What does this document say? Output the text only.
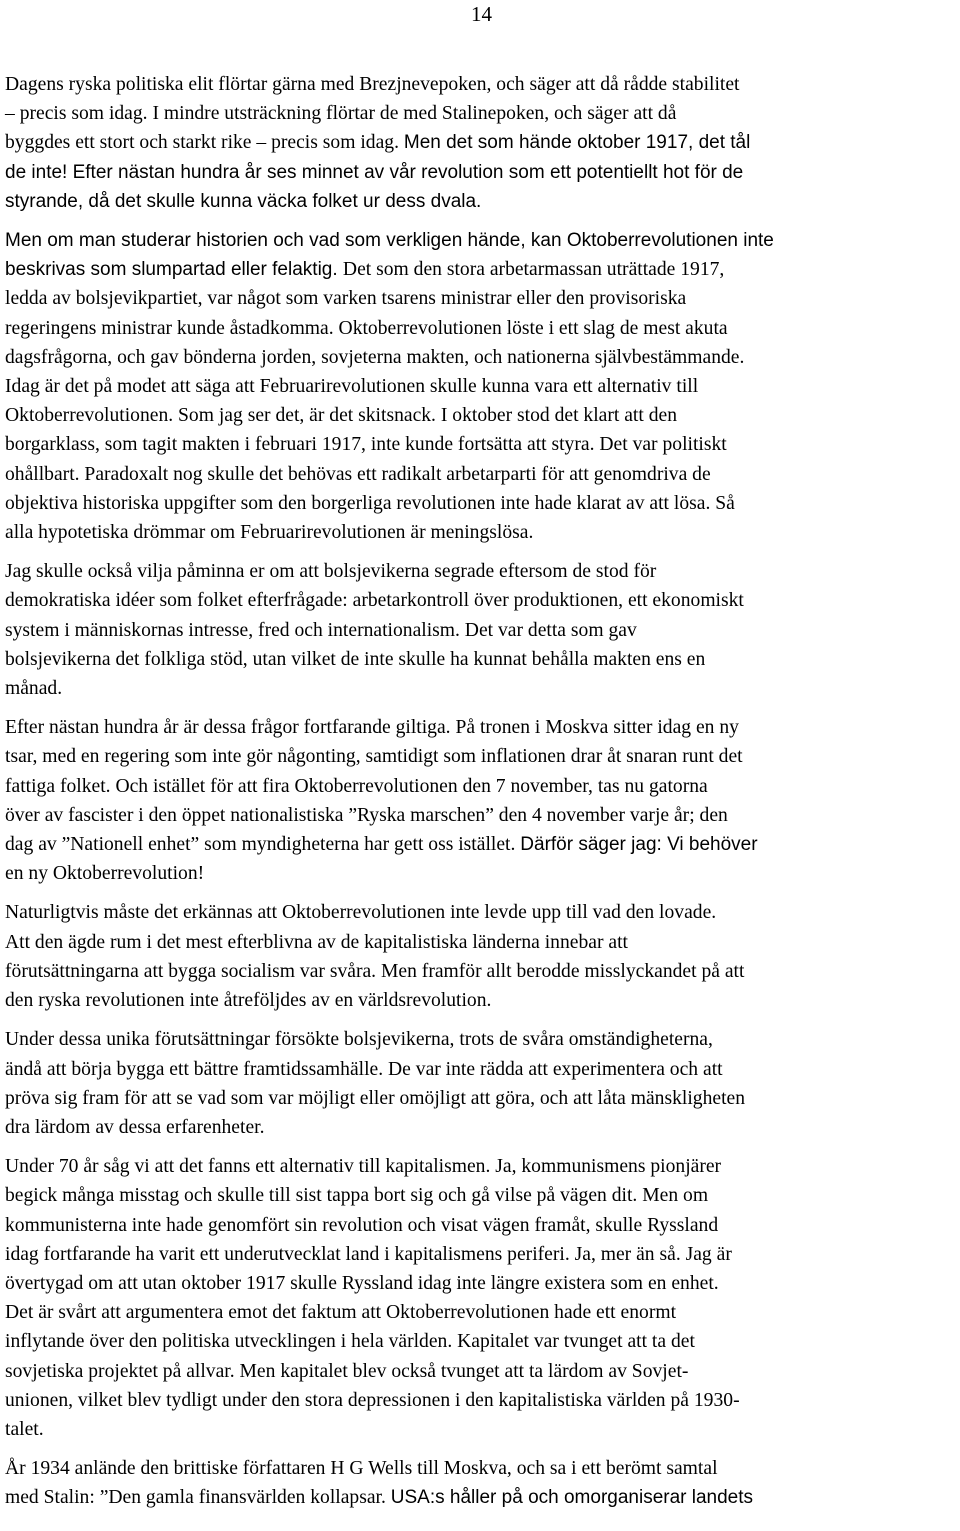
14

Dagens ryska politiska elit flörtar gärna med Brezjnevepoken, och säger att då rådde stabilitet
– precis som idag. I mindre utsträckning flörtar de med Stalinepoken, och säger att då
byggdes ett stort och starkt rike – precis som idag. Men det som hände oktober 1917, det tål
de inte! Efter nästan hundra år ses minnet av vår revolution som ett potentiellt hot för de
styrande, då det skulle kunna väcka folket ur dess dvala.

Men om man studerar historien och vad som verkligen hände, kan Oktoberrevolutionen inte
beskrivas som slumpartad eller felaktig. Det som den stora arbetarmassan uträttade 1917,
ledda av bolsjevikpartiet, var något som varken tsarens ministrar eller den provisoriska
regeringens ministrar kunde åstadkomma. Oktoberrevolutionen löste i ett slag de mest akuta
dagsfrågorna, och gav bönderna jorden, sovjeterna makten, och nationerna självbestämmande.
Idag är det på modet att säga att Februarirevolutionen skulle kunna vara ett alternativ till
Oktoberrevolutionen. Som jag ser det, är det skitsnack. I oktober stod det klart att den
borgarklass, som tagit makten i februari 1917, inte kunde fortsätta att styra. Det var politiskt
ohållbart. Paradoxalt nog skulle det behövas ett radikalt arbetarparti för att genomdriva de
objektiva historiska uppgifter som den borgerliga revolutionen inte hade klarat av att lösa. Så
alla hypotetiska drömmar om Februarirevolutionen är meningslösa.

Jag skulle också vilja påminna er om att bolsjevikerna segrade eftersom de stod för
demokratiska idéer som folket efterfrågade: arbetarkontroll över produktionen, ett ekonomiskt
system i människornas intresse, fred och internationalism. Det var detta som gav
bolsjevikerna det folkliga stöd, utan vilket de inte skulle ha kunnat behålla makten ens en
månad.

Efter nästan hundra år är dessa frågor fortfarande giltiga. På tronen i Moskva sitter idag en ny
tsar, med en regering som inte gör någonting, samtidigt som inflationen drar åt snaran runt det
fattiga folket. Och istället för att fira Oktoberrevolutionen den 7 november, tas nu gatorna
över av fascister i den öppet nationalistiska ”Ryska marschen” den 4 november varje år; den
dag av ”Nationell enhet” som myndigheterna har gett oss istället. Därför säger jag: Vi behöver
en ny Oktoberrevolution!

Naturligtvis måste det erkännas att Oktoberrevolutionen inte levde upp till vad den lovade.
Att den ägde rum i det mest efterblivna av de kapitalistiska länderna innebar att
förutsättningarna att bygga socialism var svåra. Men framför allt berodde misslyckandet på att
den ryska revolutionen inte åtreföljdes av en världsrevolution.

Under dessa unika förutsättningar försökte bolsjevikerna, trots de svåra omständigheterna,
ändå att börja bygga ett bättre framtidssamhälle. De var inte rädda att experimentera och att
pröva sig fram för att se vad som var möjligt eller omöjligt att göra, och att låta mänskligheten
dra lärdom av dessa erfarenheter.

Under 70 år såg vi att det fanns ett alternativ till kapitalismen. Ja, kommunismens pionjärer
begick många misstag och skulle till sist tappa bort sig och gå vilse på vägen dit. Men om
kommunisterna inte hade genomfört sin revolution och visat vägen framåt, skulle Ryssland
idag fortfarande ha varit ett underutvecklat land i kapitalismens periferi. Ja, mer än så. Jag är
övertygad om att utan oktober 1917 skulle Ryssland idag inte längre existera som en enhet.
Det är svårt att argumentera emot det faktum att Oktoberrevolutionen hade ett enormt
inflytande över den politiska utvecklingen i hela världen. Kapitalet var tvunget att ta det
sovjetiska projektet på allvar. Men kapitalet blev också tvunget att ta lärdom av Sovjet-
unionen, vilket blev tydligt under den stora depressionen i den kapitalistiska världen på 1930-
talet.

År 1934 anlände den brittiske författaren H G Wells till Moskva, och sa i ett berömt samtal
med Stalin: ”Den gamla finansvärlden kollapsar. USA:s håller på och omorganiserar landets
